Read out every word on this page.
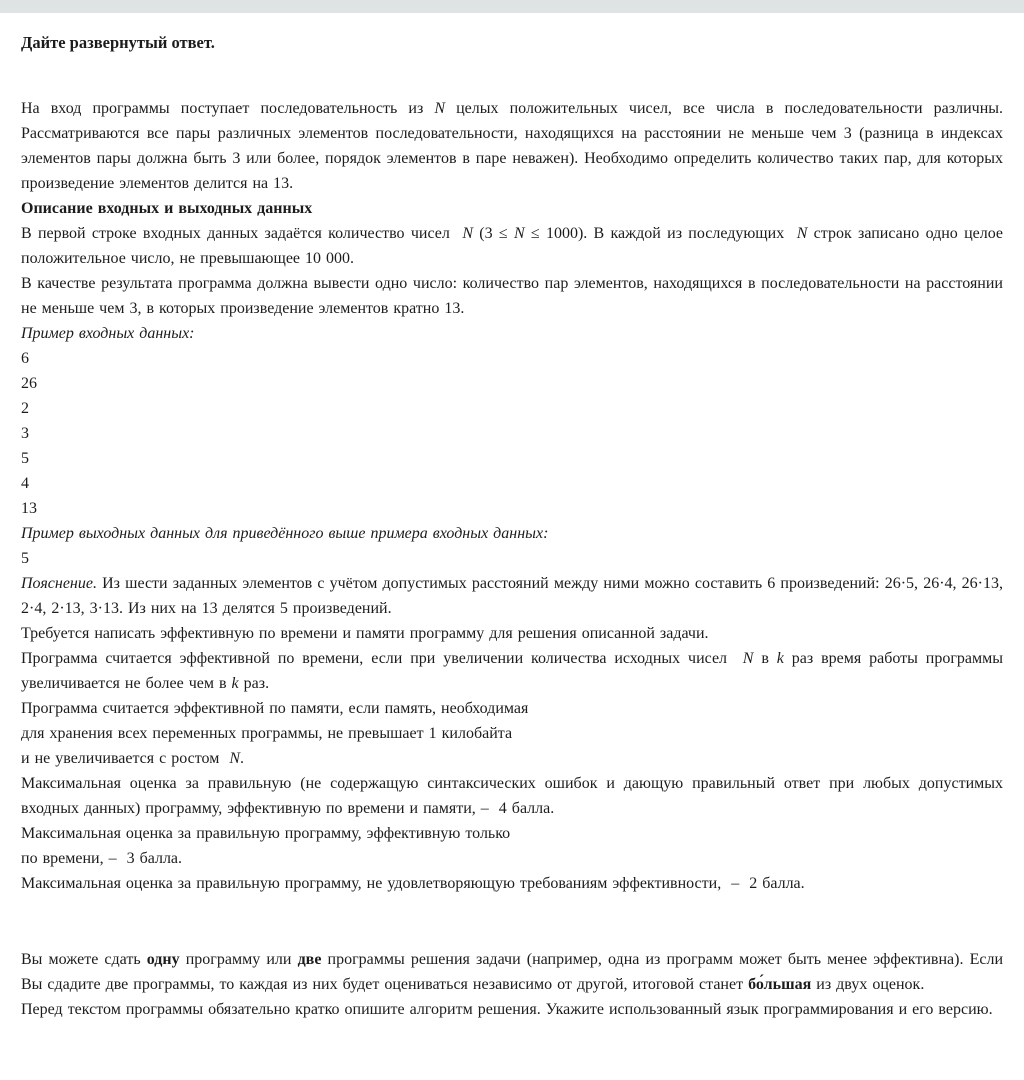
Дайте развернутый ответ.

На вход программы поступает последовательность из N целых положительных чисел, все числа в последовательности различны. Рассматриваются все пары различных элементов последовательности, находящихся на расстоянии не меньше чем 3 (разница в индексах элементов пары должна быть 3 или более, порядок элементов в паре неважен). Необходимо определить количество таких пар, для которых произведение элементов делится на 13.

Описание входных и выходных данных

В первой строке входных данных задаётся количество чисел  N (3 ≤ N ≤ 1000). В каждой из последующих  N строк записано одно целое положительное число, не превышающее 10 000.

В качестве результата программа должна вывести одно число: количество пар элементов, находящихся в последовательности на расстоянии не меньше чем 3, в которых произведение элементов кратно 13.

Пример входных данных:

6

26

2

3

5

4

13

Пример выходных данных для приведённого выше примера входных данных:

5

Пояснение. Из шести заданных элементов с учётом допустимых расстояний между ними можно составить 6 произведений: 26·5, 26·4, 26·13, 2·4, 2·13, 3·13. Из них на 13 делятся 5 произведений.

Требуется написать эффективную по времени и памяти программу для решения описанной задачи.

Программа считается эффективной по времени, если при увеличении количества исходных чисел  N в k раз время работы программы увеличивается не более чем в k раз.

Программа считается эффективной по памяти, если память, необходимая

для хранения всех переменных программы, не превышает 1 килобайта

и не увеличивается с ростом  N.

Максимальная оценка за правильную (не содержащую синтаксических ошибок и дающую правильный ответ при любых допустимых входных данных) программу, эффективную по времени и памяти, –  4 балла.

Максимальная оценка за правильную программу, эффективную только

по времени, –  3 балла.

Максимальная оценка за правильную программу, не удовлетворяющую требованиям эффективности,  –  2 балла.

Вы можете сдать одну программу или две программы решения задачи (например, одна из программ может быть менее эффективна). Если Вы сдадите две программы, то каждая из них будет оцениваться независимо от другой, итоговой станет бо́льшая из двух оценок.

Перед текстом программы обязательно кратко опишите алгоритм решения. Укажите использованный язык программирования и его версию.
